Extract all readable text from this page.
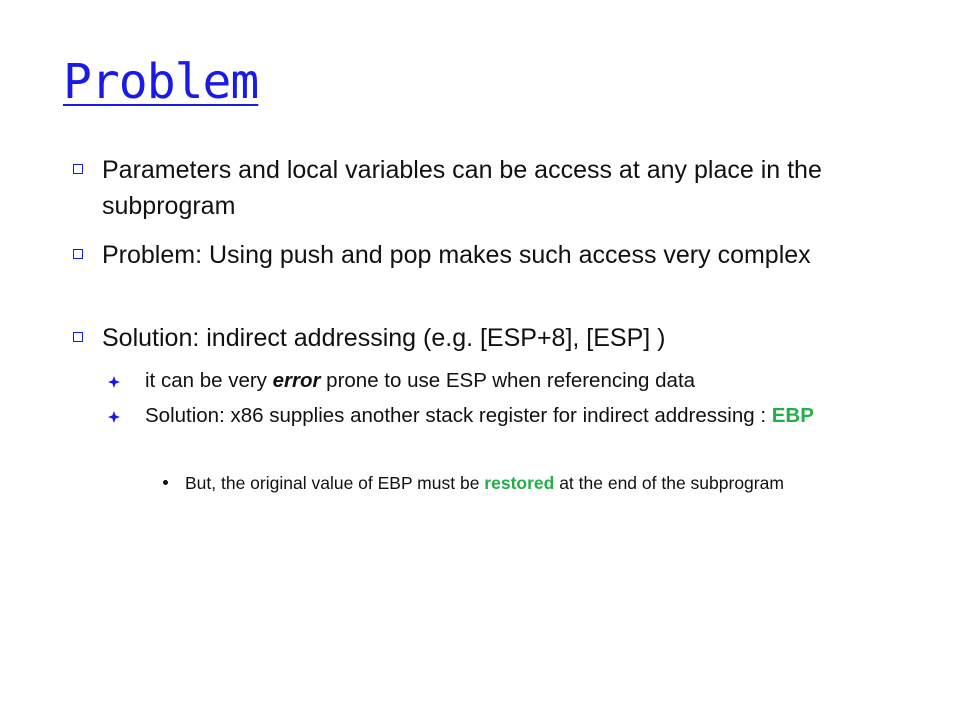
Problem
Parameters and local variables can be access at any place in the subprogram
Problem: Using push and pop makes such access very complex
Solution: indirect addressing (e.g. [ESP+8], [ESP] )
it can be very error prone to use ESP when referencing data
Solution: x86 supplies another stack register for indirect addressing : EBP
But, the original value of EBP must be restored at the end of the subprogram
